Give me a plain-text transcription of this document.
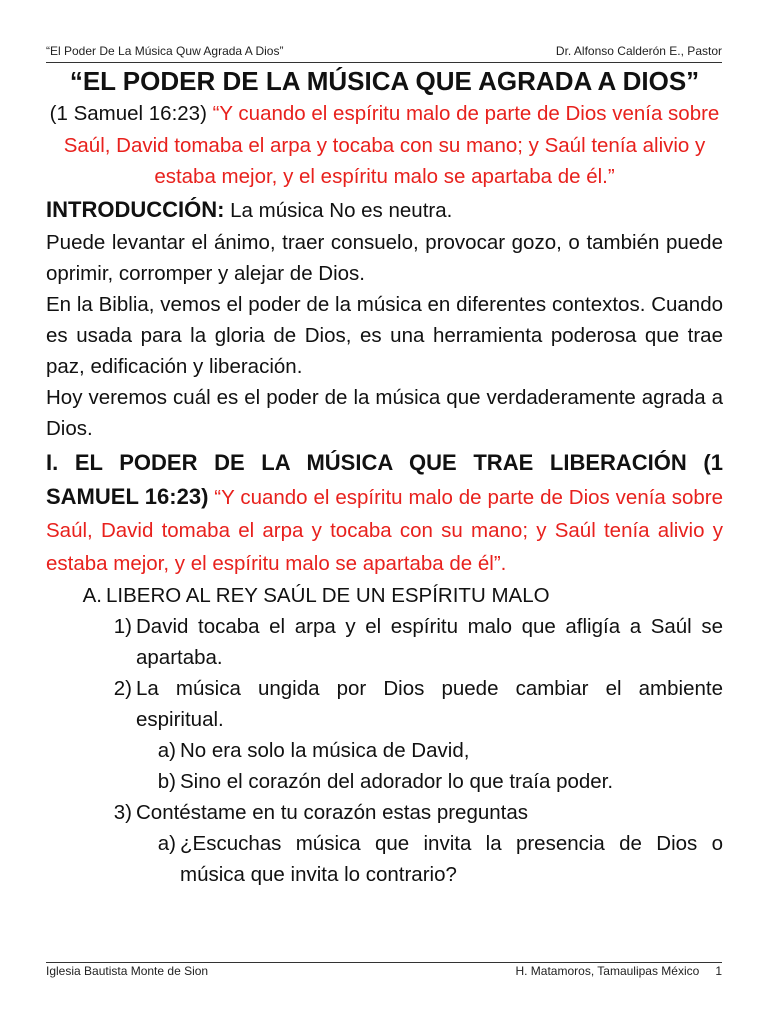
“El Poder De La Música Quw Agrada A Dios”	Dr. Alfonso Calderón E., Pastor

“EL PODER DE LA MÚSICA QUE AGRADA A DIOS”

(1 Samuel 16:23) “Y cuando el espíritu malo de parte de Dios venía sobre Saúl, David tomaba el arpa y tocaba con su mano; y Saúl tenía alivio y estaba mejor, y el espíritu malo se apartaba de él.”

INTRODUCCIÓN: La música No es neutra.

Puede levantar el ánimo, traer consuelo, provocar gozo, o también puede oprimir, corromper y alejar de Dios.

En la Biblia, vemos el poder de la música en diferentes contextos. Cuando es usada para la gloria de Dios, es una herramienta poderosa que trae paz, edificación y liberación.

Hoy veremos cuál es el poder de la música que verdaderamente agrada a Dios.

I. EL PODER DE LA MÚSICA QUE TRAE LIBERACIÓN (1 SAMUEL 16:23) “Y cuando el espíritu malo de parte de Dios venía sobre Saúl, David tomaba el arpa y tocaba con su mano; y Saúl tenía alivio y estaba mejor, y el espíritu malo se apartaba de él”.

A. LIBERO AL REY SAÚL DE UN ESPÍRITU MALO
1) David tocaba el arpa y el espíritu malo que afligía a Saúl se apartaba.
2) La música ungida por Dios puede cambiar el ambiente espiritual.
a) No era solo la música de David,
b) Sino el corazón del adorador lo que traía poder.
3) Contéstame en tu corazón estas preguntas
a) ¿Escuchas música que invita la presencia de Dios o música que invita lo contrario?
Iglesia Bautista Monte de Sion	H. Matamoros, Tamaulipas México 1
